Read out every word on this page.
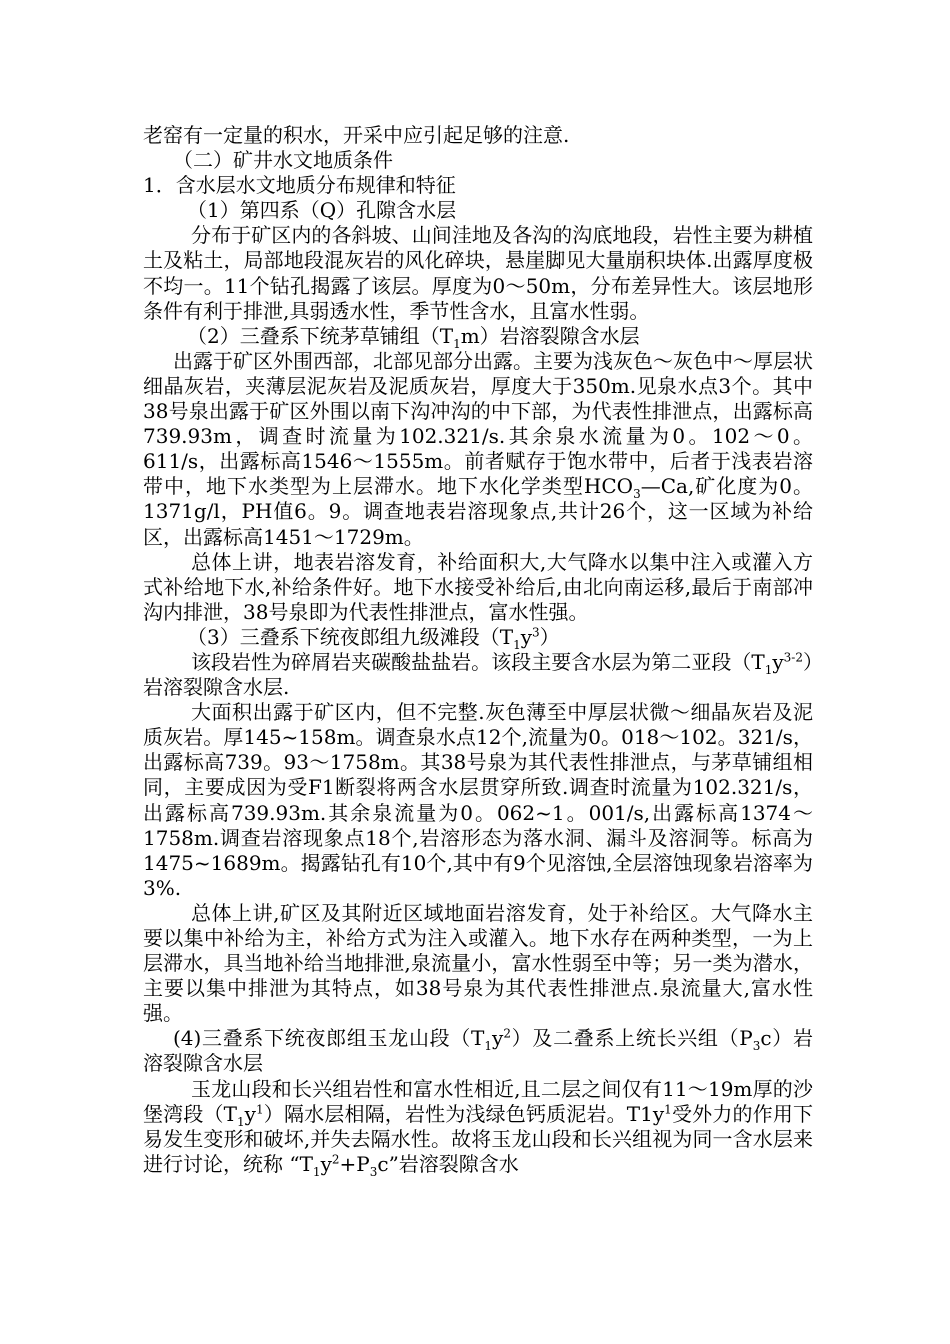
老窑有一定量的积水，开采中应引起足够的注意.

（二）矿井水文地质条件

1．含水层水文地质分布规律和特征

（1）第四系（Q）孔隙含水层

分布于矿区内的各斜坡、山间洼地及各沟的沟底地段，岩性主要为耕植土及粘土，局部地段混灰岩的风化碎块，悬崖脚见大量崩积块体.出露厚度极不均一。11个钻孔揭露了该层。厚度为0～50m，分布差异性大。该层地形条件有利于排泄,具弱透水性，季节性含水，且富水性弱。

（2）三叠系下统茅草铺组$(T_1m)$岩溶裂隙含水层

出露于矿区外围西部，北部见部分出露。主要为浅灰色～灰色中～厚层状细晶灰岩，夹薄层泥灰岩及泥质灰岩，厚度大于350m.见泉水点3个。其中38号泉出露于矿区外围以南下沟冲沟的中下部，为代表性排泄点，出露标高739.93m，调查时流量为102.321/s.其余泉水流量为0。102～0。611/s，出露标高1546～1555m。前者赋存于饱水带中，后者于浅表岩溶带中，地下水类型为上层滞水。地下水化学类型$HCO_3—Ca$,矿化度为0。1371g/l，PH值6。9。调查地表岩溶现象点,共计26个，这一区域为补给区，出露标高1451～1729m。

总体上讲，地表岩溶发育，补给面积大,大气降水以集中注入或灌入方式补给地下水,补给条件好。地下水接受补给后,由北向南运移,最后于南部冲沟内排泄，38号泉即为代表性排泄点，富水性强。

（3）三叠系下统夜郎组九级滩段$(T_1y^3)$

该段岩性为碎屑岩夹碳酸盐盐岩。该段主要含水层为第二亚段$(T_1y^{3-2})$岩溶裂隙含水层.

大面积出露于矿区内，但不完整.灰色薄至中厚层状微～细晶灰岩及泥质灰岩。厚145~158m。调查泉水点12个,流量为0。018～102。321/s，出露标高739。93～1758m。其38号泉为其代表性排泄点，与茅草铺组相同，主要成因为受F1断裂将两含水层贯穿所致.调查时流量为102.321/s，出露标高739.93m.其余泉流量为0。062~1。001/s,出露标高1374～1758m.调查岩溶现象点18个,岩溶形态为落水洞、漏斗及溶洞等。标高为1475~1689m。揭露钻孔有10个,其中有9个见溶蚀,全层溶蚀现象岩溶率为3%.

总体上讲,矿区及其附近区域地面岩溶发育，处于补给区。大气降水主要以集中补给为主，补给方式为注入或灌入。地下水存在两种类型，一为上层滞水，具当地补给当地排泄,泉流量小，富水性弱至中等；另一类为潜水，主要以集中排泄为其特点，如38号泉为其代表性排泄点.泉流量大,富水性强。

(4)三叠系下统夜郎组玉龙山段$(T_1y^2)$及二叠系上统长兴组$(P_3c)$岩溶裂隙含水层

玉龙山段和长兴组岩性和富水性相近,且二层之间仅有11～19m厚的沙堡湾段$(T_1y^1)$隔水层相隔，岩性为浅绿色钙质泥岩。$T1y^1$受外力的作用下易发生变形和破坏,并失去隔水性。故将玉龙山段和长兴组视为同一含水层来进行讨论，统称 “$T_1y^2+P_3c$”岩溶裂隙含水
